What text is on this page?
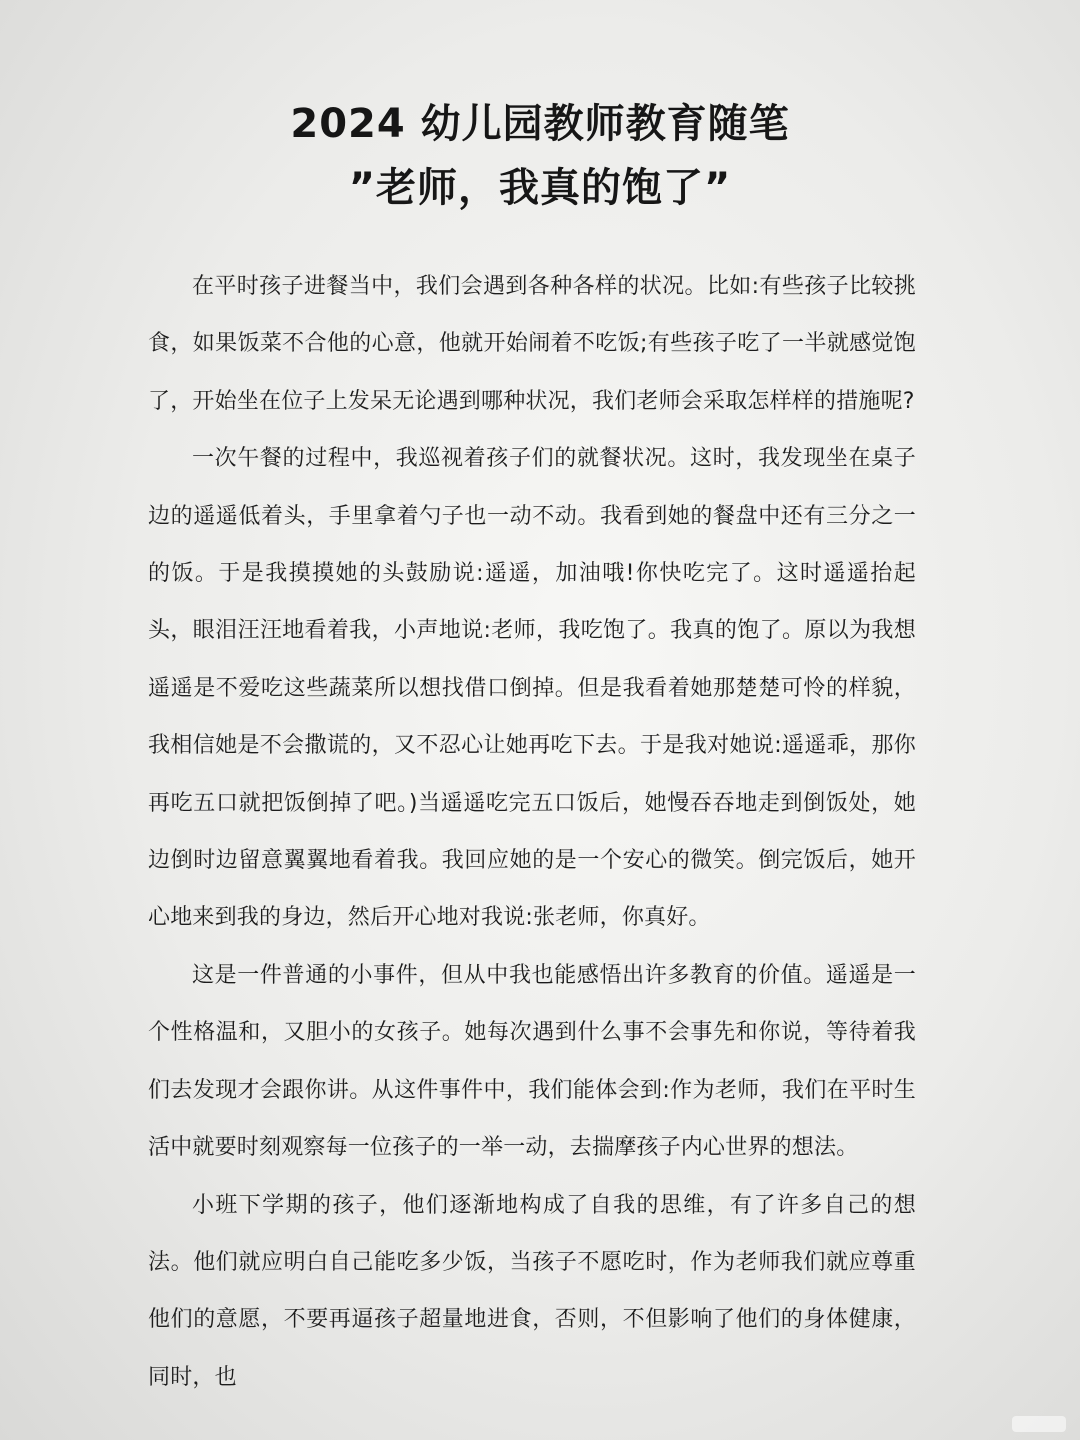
2024 幼儿园教师教育随笔
”老师，我真的饱了”

在平时孩子进餐当中，我们会遇到各种各样的状况。比如:有些孩子比较挑食，如果饭菜不合他的心意，他就开始闹着不吃饭;有些孩子吃了一半就感觉饱了，开始坐在位子上发呆无论遇到哪种状况，我们老师会采取怎样样的措施呢?

一次午餐的过程中，我巡视着孩子们的就餐状况。这时，我发现坐在桌子边的遥遥低着头，手里拿着勺子也一动不动。我看到她的餐盘中还有三分之一的饭。于是我摸摸她的头鼓励说:遥遥，加油哦!你快吃完了。这时遥遥抬起头，眼泪汪汪地看着我，小声地说:老师，我吃饱了。我真的饱了。原以为我想遥遥是不爱吃这些蔬菜所以想找借口倒掉。但是我看着她那楚楚可怜的样貌，我相信她是不会撒谎的，又不忍心让她再吃下去。于是我对她说:遥遥乖，那你再吃五口就把饭倒掉了吧。)当遥遥吃完五口饭后，她慢吞吞地走到倒饭处，她边倒时边留意翼翼地看着我。我回应她的是一个安心的微笑。倒完饭后，她开心地来到我的身边，然后开心地对我说:张老师，你真好。

这是一件普通的小事件，但从中我也能感悟出许多教育的价值。遥遥是一个性格温和，又胆小的女孩子。她每次遇到什么事不会事先和你说，等待着我们去发现才会跟你讲。从这件事件中，我们能体会到:作为老师，我们在平时生活中就要时刻观察每一位孩子的一举一动，去揣摩孩子内心世界的想法。

小班下学期的孩子，他们逐渐地构成了自我的思维，有了许多自己的想法。他们就应明白自己能吃多少饭，当孩子不愿吃时，作为老师我们就应尊重他们的意愿，不要再逼孩子超量地进食，否则，不但影响了他们的身体健康，同时，也
